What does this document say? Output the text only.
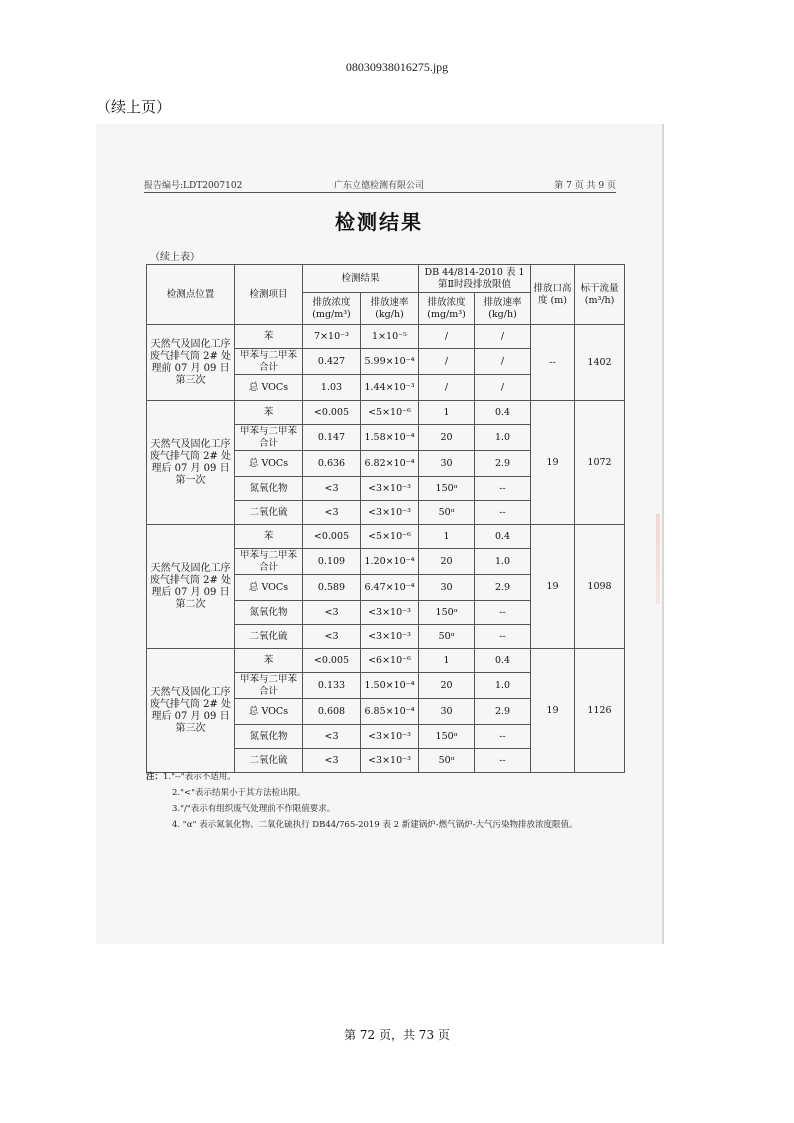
08030938016275.jpg
（续上页）
报告编号:LDT2007102	广东立德检测有限公司	第 7 页 共 9 页
检测结果
（续上表）
检测点位置	检测项目	检测结果		DB 44/814-2010 表 1 第Ⅱ时段排放限值		排放口高度 (m)	标干流量 (m³/h)
		排放浓度 (mg/m³)	排放速率 (kg/h)	排放浓度 (mg/m³)	排放速率 (kg/h)		
天然气及固化工序废气排气筒 2# 处理前 07 月 09 日第三次	苯	7×10⁻³	1×10⁻⁵	/	/	--	1402
	甲苯与二甲苯合计	0.427	5.99×10⁻⁴	/	/		
	总 VOCs	1.03	1.44×10⁻³	/	/		
天然气及固化工序废气排气筒 2# 处理后 07 月 09 日第一次	苯	<0.005	<5×10⁻⁶	1	0.4	19	1072
	甲苯与二甲苯合计	0.147	1.58×10⁻⁴	20	1.0		
	总 VOCs	0.636	6.82×10⁻⁴	30	2.9		
	氮氧化物	<3	<3×10⁻³	150ᵅ	--		
	二氧化硫	<3	<3×10⁻³	50ᵅ	--		
天然气及固化工序废气排气筒 2# 处理后 07 月 09 日第二次	苯	<0.005	<5×10⁻⁶	1	0.4	19	1098
	甲苯与二甲苯合计	0.109	1.20×10⁻⁴	20	1.0		
	总 VOCs	0.589	6.47×10⁻⁴	30	2.9		
	氮氧化物	<3	<3×10⁻³	150ᵅ	--		
	二氧化硫	<3	<3×10⁻³	50ᵅ	--		
天然气及固化工序废气排气筒 2# 处理后 07 月 09 日第三次	苯	<0.005	<6×10⁻⁶	1	0.4	19	1126
	甲苯与二甲苯合计	0.133	1.50×10⁻⁴	20	1.0		
	总 VOCs	0.608	6.85×10⁻⁴	30	2.9		
	氮氧化物	<3	<3×10⁻³	150ᵅ	--		
	二氧化硫	<3	<3×10⁻³	50ᵅ	--		
注：1."--"表示不适用。
2."<"表示结果小于其方法检出限。
3."/"表示有组织废气处理前不作限值要求。
4. "α" 表示氮氧化物、二氧化硫执行 DB44/765-2019 表 2 新建锅炉-燃气锅炉-大气污染物排放浓度限值。
第 72 页，共 73 页
